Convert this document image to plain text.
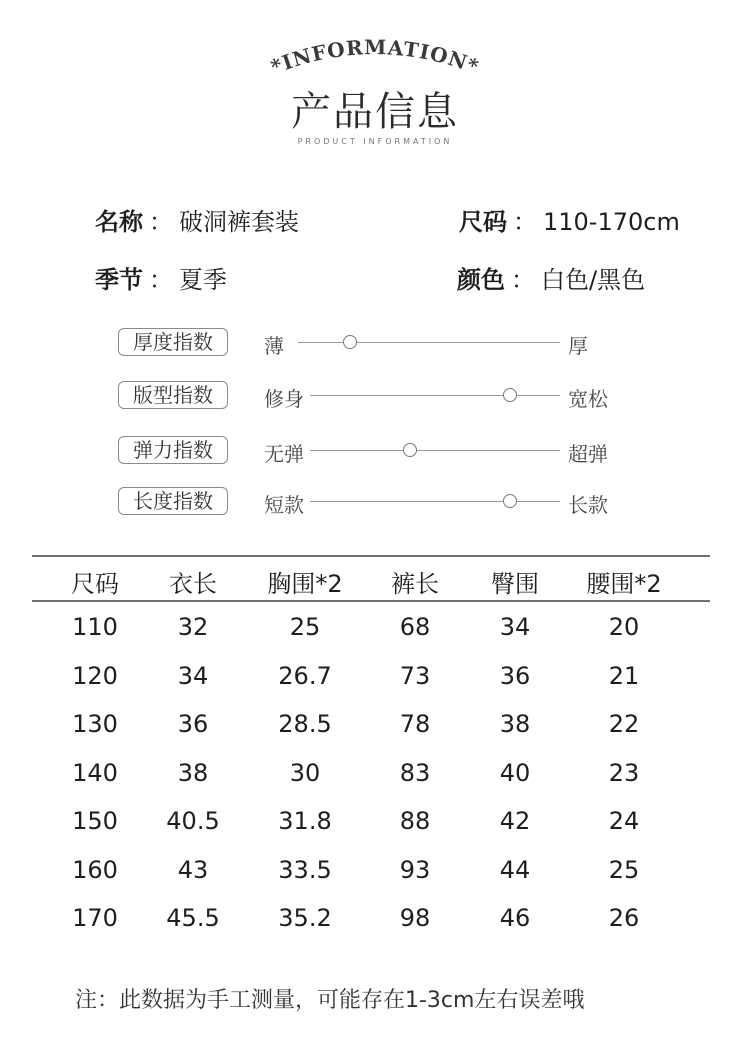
*INFORMATION*
产品信息
PRODUCT INFORMATION
名称 ： 破洞裤套装	尺码 ： 110-170cm
季节 ： 夏季	颜色 ： 白色/黑色
厚度指数	薄	厚
版型指数	修身	宽松
弹力指数	无弹	超弹
长度指数	短款	长款
尺码	衣长	胸围*2	裤长	臀围	腰围*2
110	32	25	68	34	20
120	34	26.7	73	36	21
130	36	28.5	78	38	22
140	38	30	83	40	23
150	40.5	31.8	88	42	24
160	43	33.5	93	44	25
170	45.5	35.2	98	46	26
注：此数据为手工测量，可能存在1-3cm左右误差哦
